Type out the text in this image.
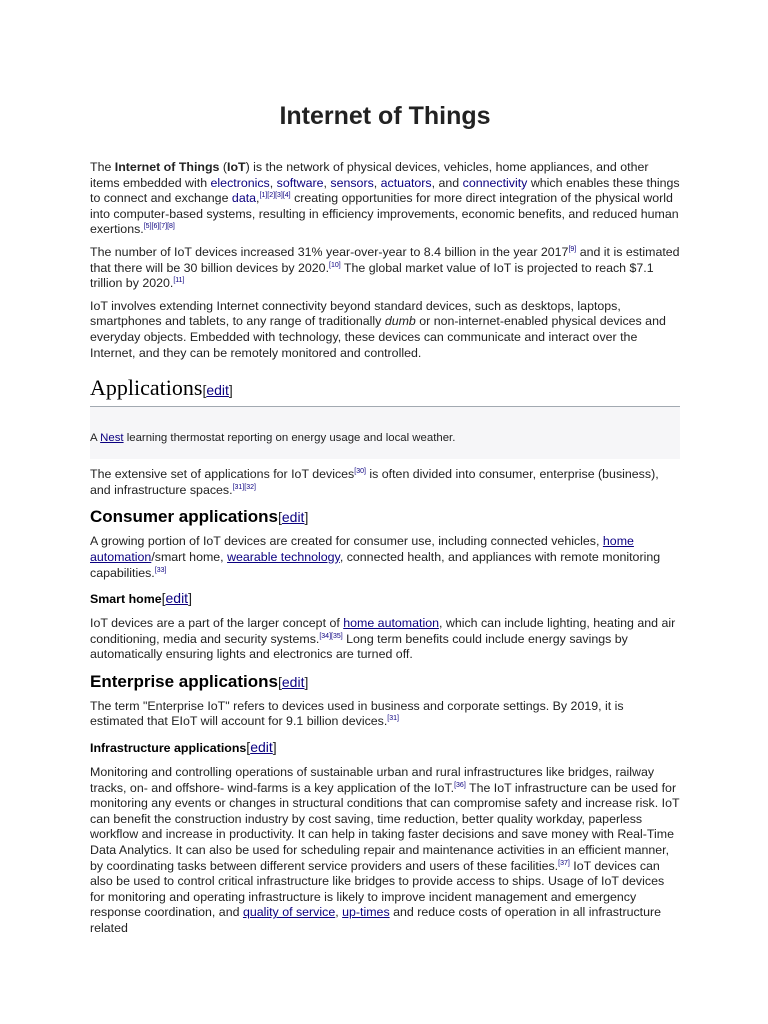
Internet of Things

The Internet of Things (IoT) is the network of physical devices, vehicles, home appliances, and other items embedded with electronics, software, sensors, actuators, and connectivity which enables these things to connect and exchange data,[1][2][3][4] creating opportunities for more direct integration of the physical world into computer-based systems, resulting in efficiency improvements, economic benefits, and reduced human exertions.[5][6][7][8]

The number of IoT devices increased 31% year-over-year to 8.4 billion in the year 2017[9] and it is estimated that there will be 30 billion devices by 2020.[10] The global market value of IoT is projected to reach $7.1 trillion by 2020.[11]

IoT involves extending Internet connectivity beyond standard devices, such as desktops, laptops, smartphones and tablets, to any range of traditionally dumb or non-internet-enabled physical devices and everyday objects. Embedded with technology, these devices can communicate and interact over the Internet, and they can be remotely monitored and controlled.

Applications[edit]
A Nest learning thermostat reporting on energy usage and local weather.

The extensive set of applications for IoT devices[30] is often divided into consumer, enterprise (business), and infrastructure spaces.[31][32]

Consumer applications[edit]

A growing portion of IoT devices are created for consumer use, including connected vehicles, home automation/smart home, wearable technology, connected health, and appliances with remote monitoring capabilities.[33]

Smart home[edit]

IoT devices are a part of the larger concept of home automation, which can include lighting, heating and air conditioning, media and security systems.[34][35] Long term benefits could include energy savings by automatically ensuring lights and electronics are turned off.

Enterprise applications[edit]

The term "Enterprise IoT" refers to devices used in business and corporate settings. By 2019, it is estimated that EIoT will account for 9.1 billion devices.[31]

Infrastructure applications[edit]

Monitoring and controlling operations of sustainable urban and rural infrastructures like bridges, railway tracks, on- and offshore- wind-farms is a key application of the IoT.[36] The IoT infrastructure can be used for monitoring any events or changes in structural conditions that can compromise safety and increase risk. IoT can benefit the construction industry by cost saving, time reduction, better quality workday, paperless workflow and increase in productivity. It can help in taking faster decisions and save money with Real-Time Data Analytics. It can also be used for scheduling repair and maintenance activities in an efficient manner, by coordinating tasks between different service providers and users of these facilities.[37] IoT devices can also be used to control critical infrastructure like bridges to provide access to ships. Usage of IoT devices for monitoring and operating infrastructure is likely to improve incident management and emergency response coordination, and quality of service, up-times and reduce costs of operation in all infrastructure related
